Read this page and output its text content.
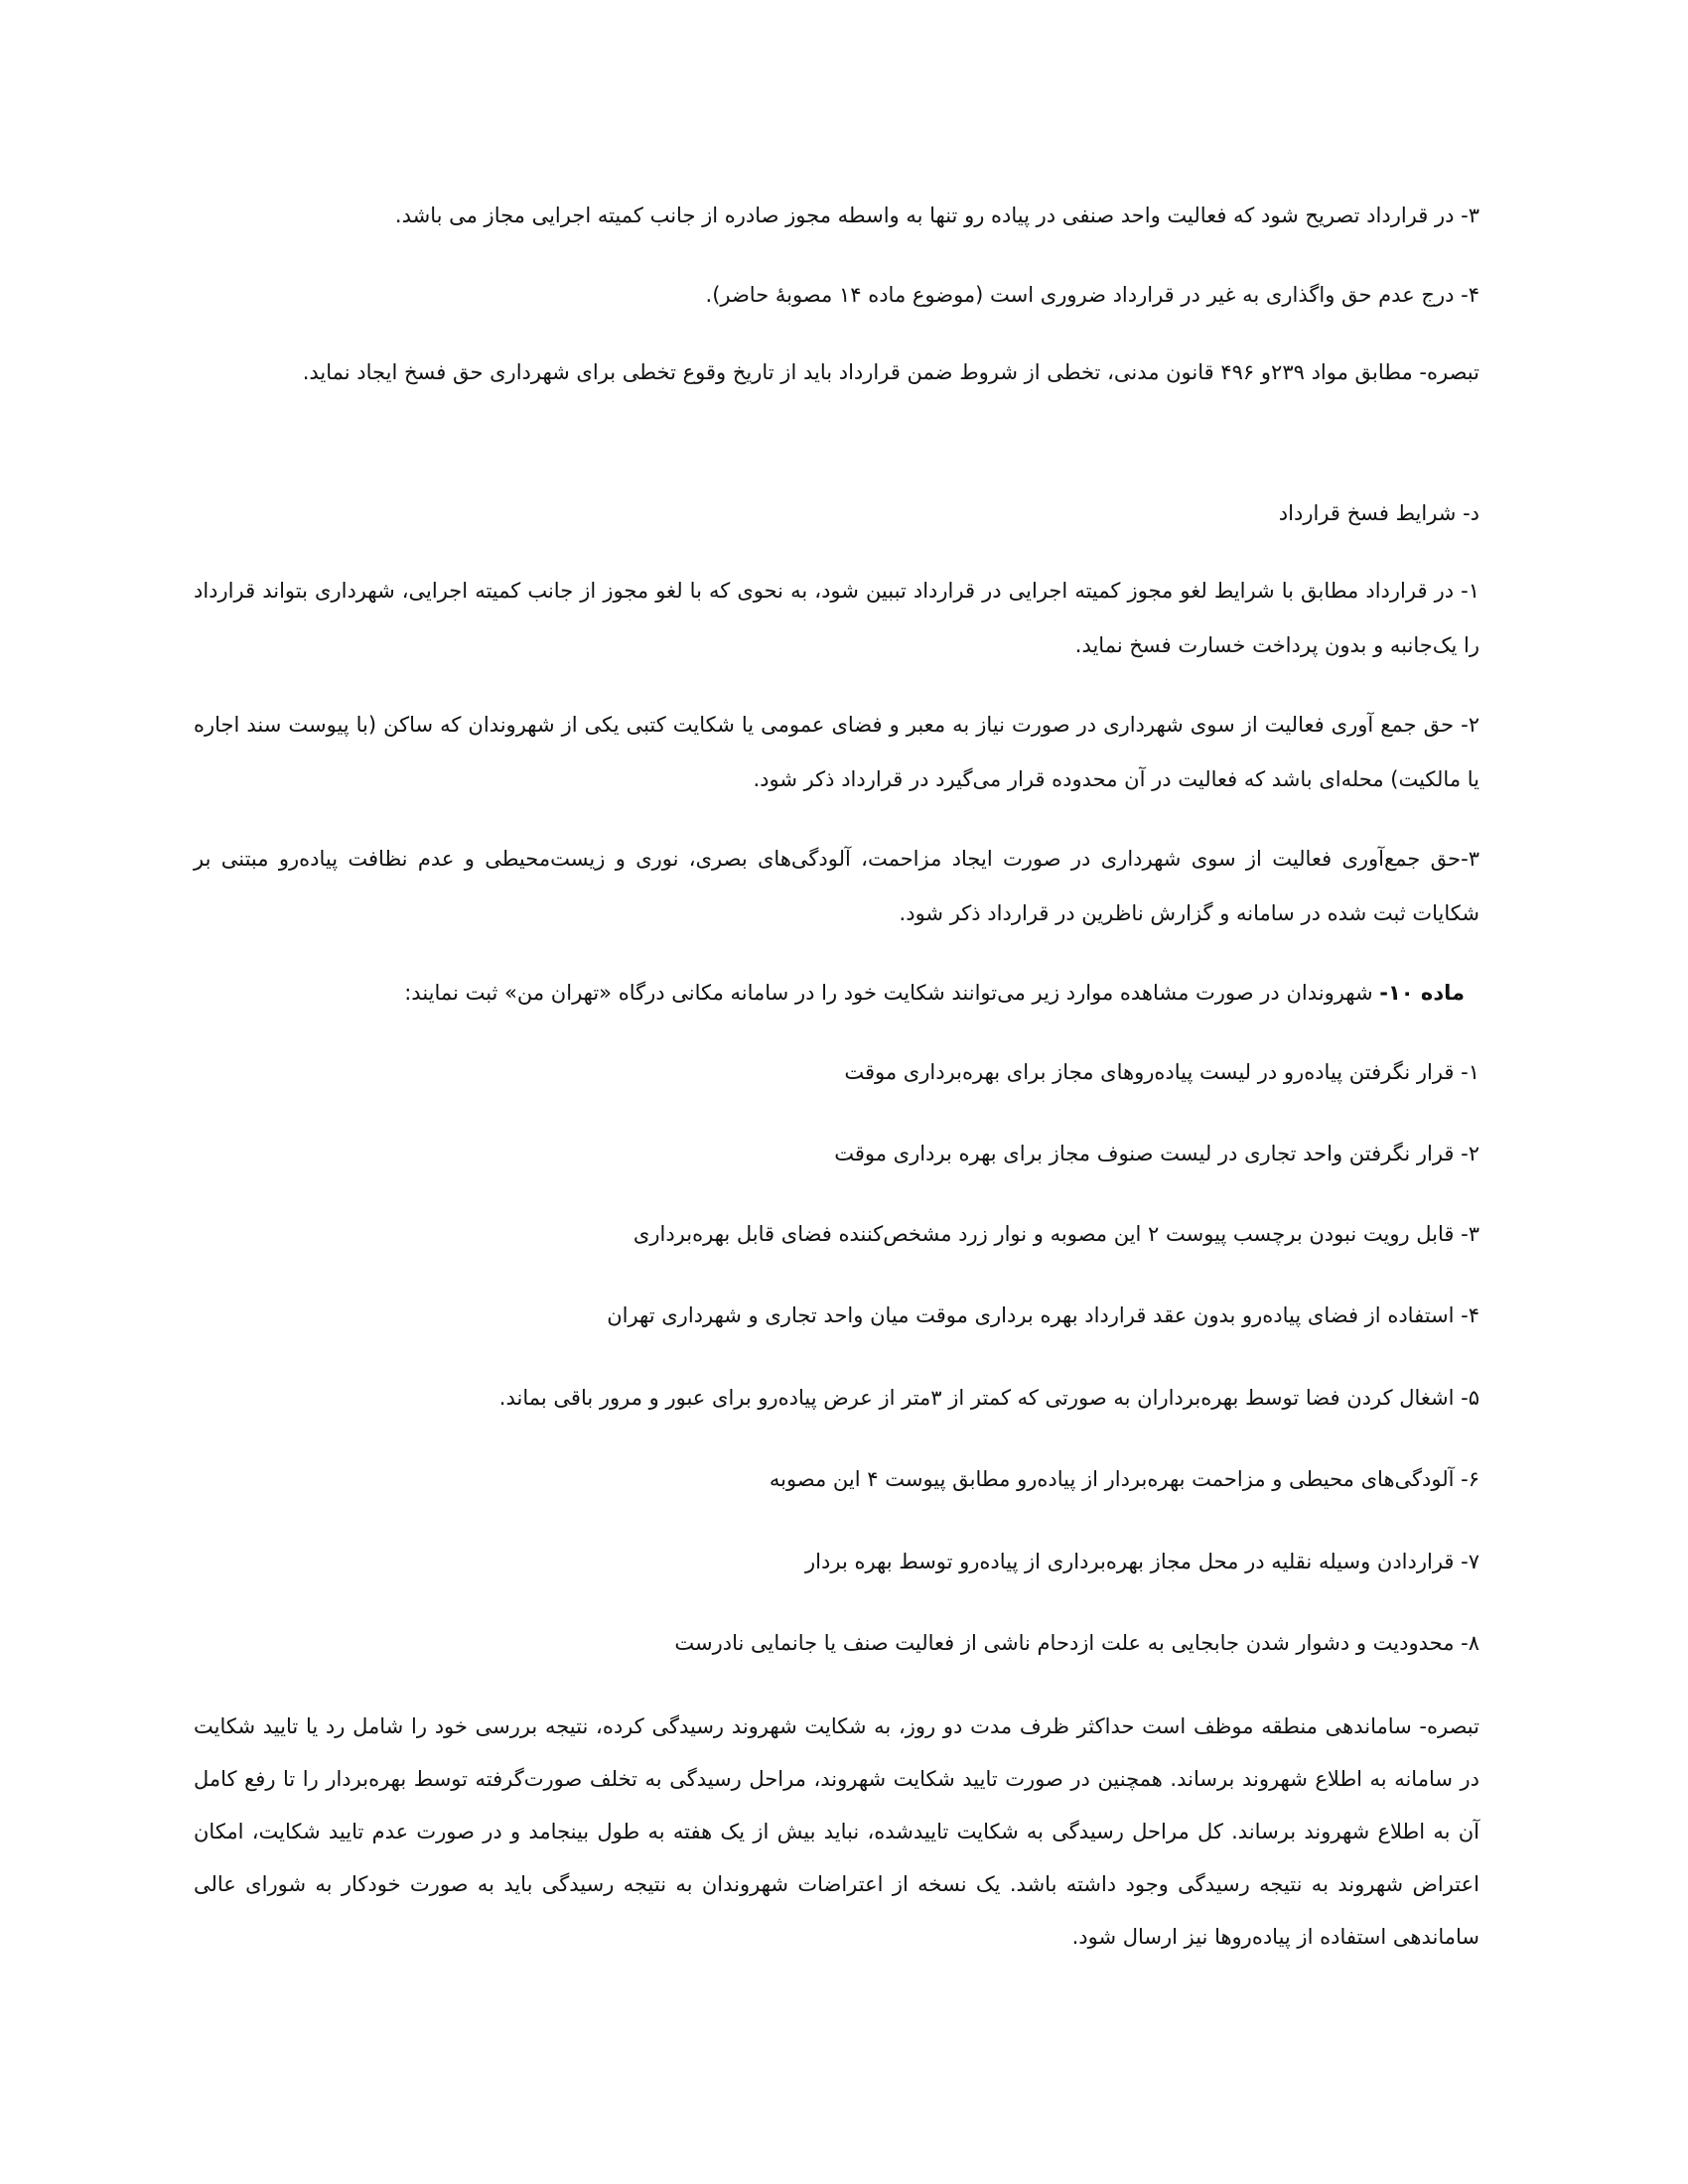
۳- در قرارداد تصریح شود که فعالیت واحد صنفی در پیاده رو تنها به واسطه مجوز صادره از جانب کمیته اجرایی مجاز می باشد.
۴- درج عدم حق واگذاری به غیر در قرارداد ضروری است (موضوع ماده ۱۴ مصوبهٔ حاضر).
تبصره- مطابق مواد ۲۳۹و ۴۹۶ قانون مدنی، تخطی از شروط ضمن قرارداد باید از تاریخ وقوع تخطی برای شهرداری حق فسخ ایجاد نماید.
د- شرایط فسخ قرارداد
۱- در قرارداد مطابق با شرایط لغو مجوز کمیته اجرایی در قرارداد تببین شود، به نحوی که با لغو مجوز از جانب کمیته اجرایی، شهرداری بتواند قرارداد را یک‌جانبه و بدون پرداخت خسارت فسخ نماید.
۲- حق جمع آوری فعالیت از سوی شهرداری در صورت نیاز به معبر و فضای عمومی یا شکایت کتبی یکی از شهروندان که ساکن (با پیوست سند اجاره یا مالکیت) محله‌ای باشد که فعالیت در آن محدوده قرار می‌گیرد در قرارداد ذکر شود.
۳-حق جمع‌آوری فعالیت از سوی شهرداری در صورت ایجاد مزاحمت، آلودگی‌های بصری، نوری و زیست‌محیطی و عدم نظافت پیاده‌رو مبتنی بر شکایات ثبت شده در سامانه و گزارش ناظرین در قرارداد ذکر شود.
ماده ۱۰- شهروندان در صورت مشاهده موارد زیر می‌توانند شکایت خود را در سامانه مکانی درگاه «تهران من» ثبت نمایند:
۱- قرار نگرفتن پیاده‌رو در لیست پیاده‌روهای مجاز برای بهره‌برداری موقت
۲- قرار نگرفتن واحد تجاری در لیست صنوف مجاز برای بهره برداری موقت
۳- قابل رویت نبودن برچسب پیوست ۲ این مصوبه و نوار زرد مشخص‌کننده فضای قابل بهره‌برداری
۴- استفاده از فضای پیاده‌رو بدون عقد قرارداد بهره برداری موقت میان واحد تجاری و شهرداری تهران
۵- اشغال کردن فضا توسط بهره‌برداران به صورتی که کمتر از ۳متر از عرض پیاده‌رو برای عبور و مرور باقی بماند.
۶- آلودگی‌های محیطی و مزاحمت بهره‌بردار از پیاده‌رو مطابق پیوست ۴ این مصوبه
۷- قراردادن وسیله نقلیه در محل مجاز بهره‌برداری از پیاده‌رو توسط بهره بردار
۸- محدودیت و دشوار شدن جابجایی به علت ازدحام ناشی از فعالیت صنف یا جانمایی نادرست
تبصره- ساماندهی منطقه موظف است حداکثر ظرف مدت دو روز، به شکایت شهروند رسیدگی کرده، نتیجه بررسی خود را شامل رد یا تایید شکایت در سامانه به اطلاع شهروند برساند. همچنین در صورت تایید شکایت شهروند، مراحل رسیدگی به تخلف صورت‌گرفته توسط بهره‌بردار را تا رفع کامل آن به اطلاع شهروند برساند. کل مراحل رسیدگی به شکایت تاییدشده، نباید بیش از یک هفته به طول بینجامد و در صورت عدم تایید شکایت، امکان اعتراض شهروند به نتیجه رسیدگی وجود داشته باشد. یک نسخه از اعتراضات شهروندان به نتیجه رسیدگی باید به صورت خودکار به شورای عالی ساماندهی استفاده از پیاده‌روها نیز ارسال شود.
